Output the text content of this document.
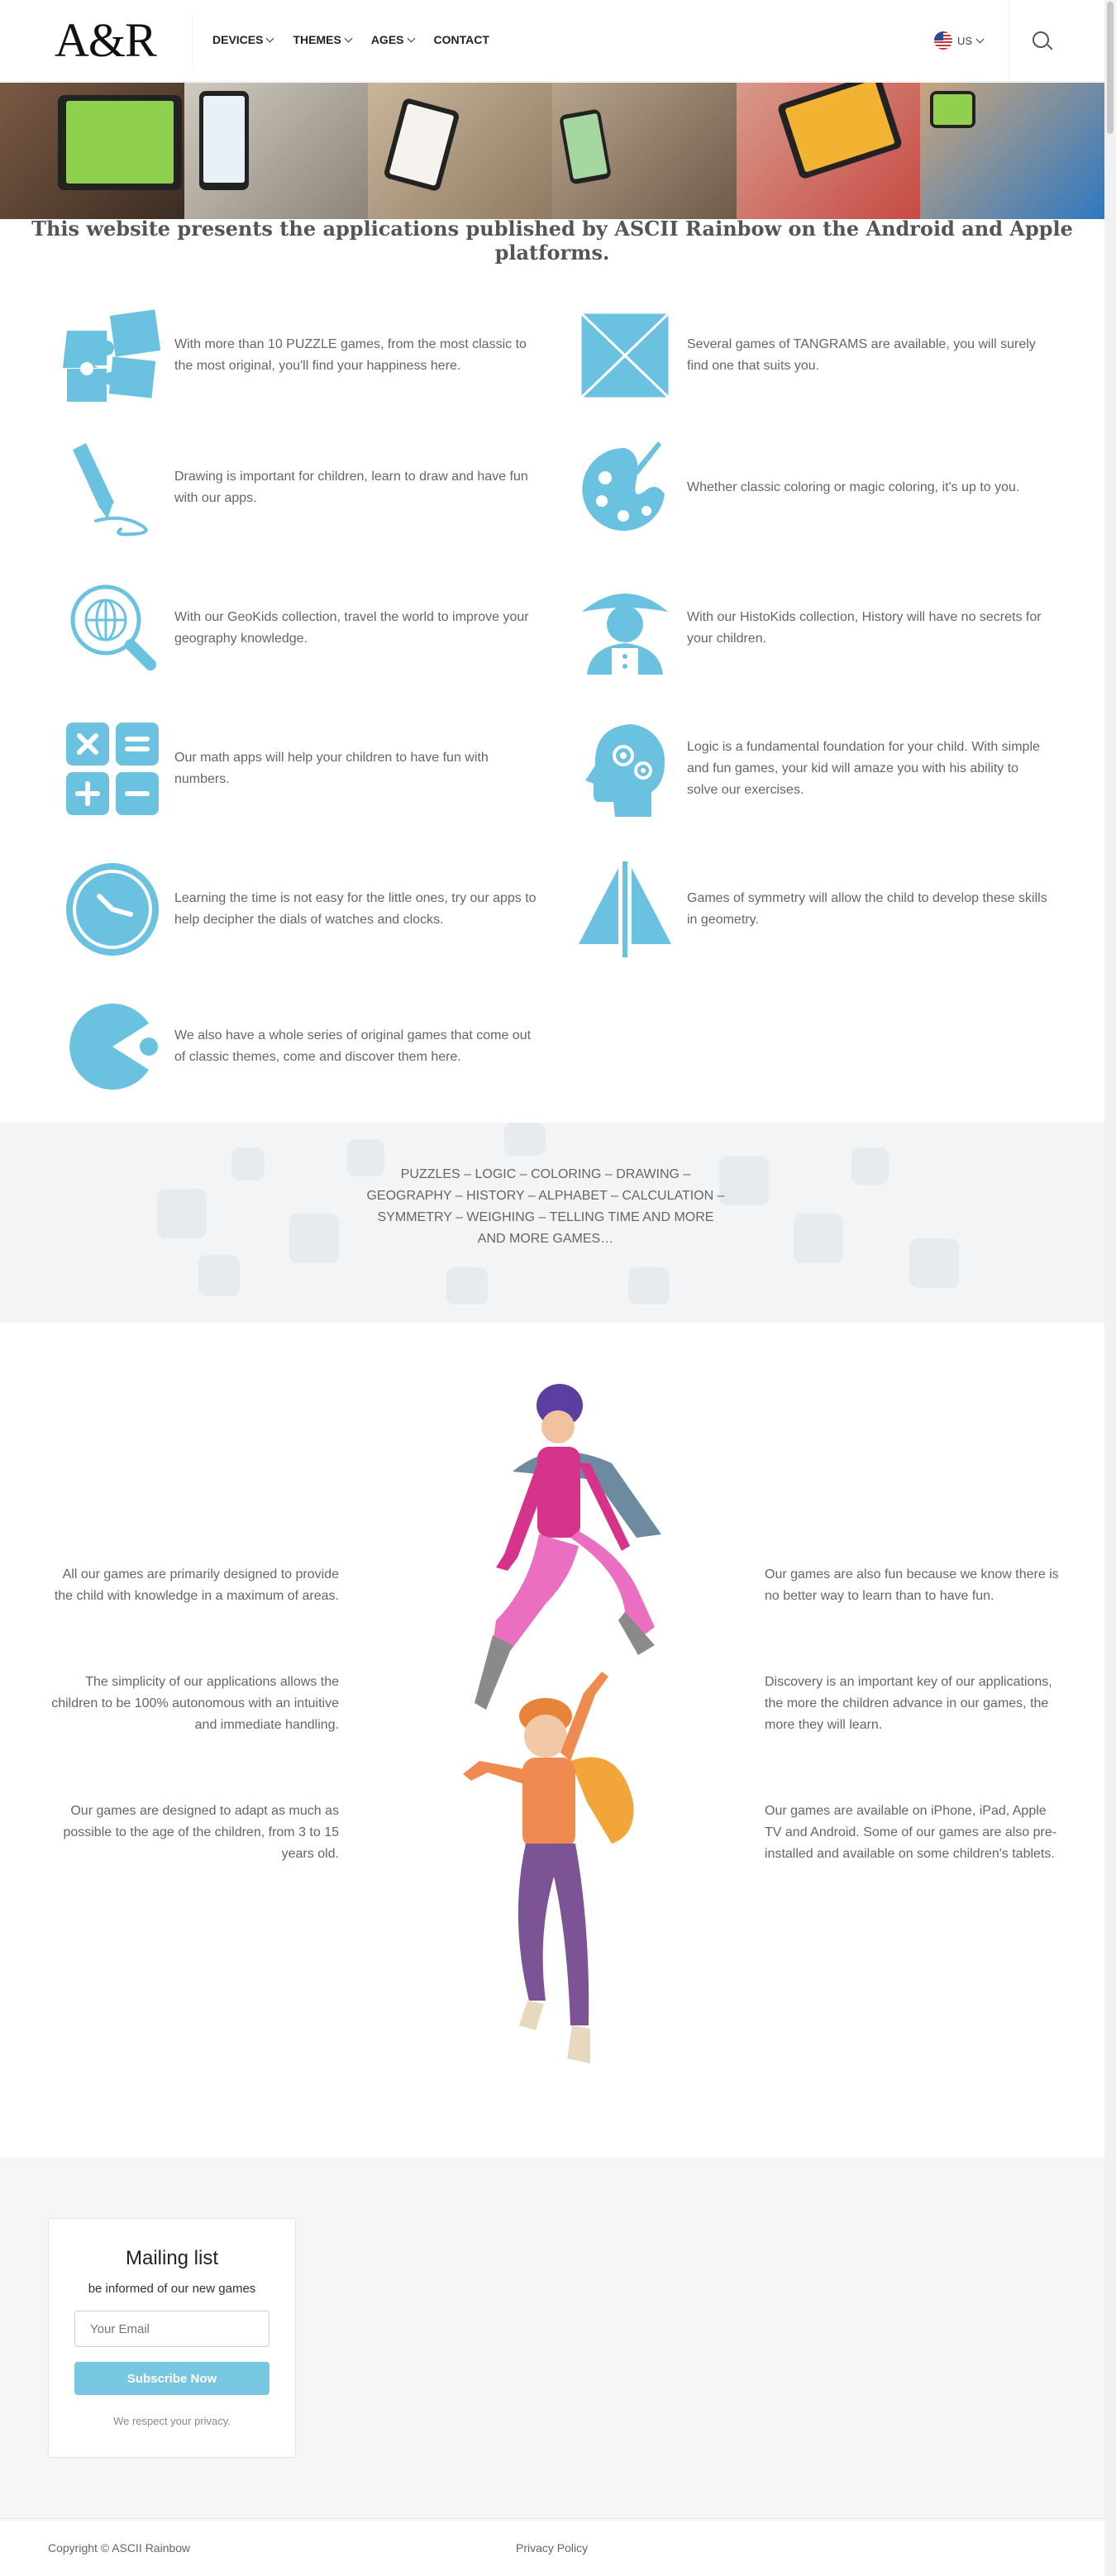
A&R	DEVICES	THEMES	AGES	CONTACT	US
This website presents the applications published by ASCII Rainbow on the Android and Apple platforms.
With more than 10 PUZZLE games, from the most classic to the most original, you'll find your happiness here.
Several games of TANGRAMS are available, you will surely find one that suits you.
Drawing is important for children, learn to draw and have fun with our apps.
Whether classic coloring or magic coloring, it's up to you.
With our GeoKids collection, travel the world to improve your geography knowledge.
With our HistoKids collection, History will have no secrets for your children.
Our math apps will help your children to have fun with numbers.
Logic is a fundamental foundation for your child. With simple and fun games, your kid will amaze you with his ability to solve our exercises.
Learning the time is not easy for the little ones, try our apps to help decipher the dials of watches and clocks.
Games of symmetry will allow the child to develop these skills in geometry.
We also have a whole series of original games that come out of classic themes, come and discover them here.
PUZZLES – LOGIC – COLORING – DRAWING – GEOGRAPHY – HISTORY – ALPHABET – CALCULATION – SYMMETRY – WEIGHING – TELLING TIME AND MORE AND MORE GAMES…
All our games are primarily designed to provide the child with knowledge in a maximum of areas.
The simplicity of our applications allows the children to be 100% autonomous with an intuitive and immediate handling.
Our games are designed to adapt as much as possible to the age of the children, from 3 to 15 years old.
Our games are also fun because we know there is no better way to learn than to have fun.
Discovery is an important key of our applications, the more the children advance in our games, the more they will learn.
Our games are available on iPhone, iPad, Apple TV and Android. Some of our games are also pre-installed and available on some children's tablets.
Mailing list

be informed of our new games

Your Email
Subscribe Now

We respect your privacy.

Copyright © ASCII Rainbow	Privacy Policy
